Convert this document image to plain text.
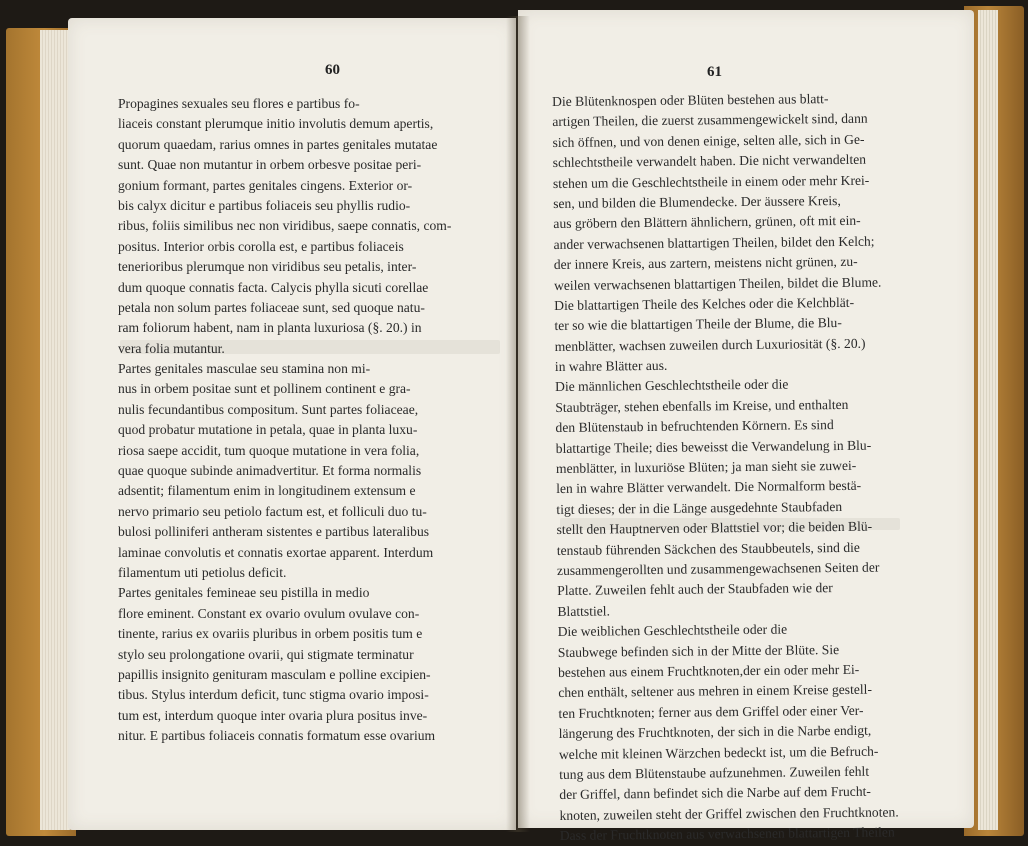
60	61
Propagines sexuales seu flores e partibus fo-
liaceis constant plerumque initio involutis demum apertis,
quorum quaedam, rarius omnes in partes genitales mutatae
sunt. Quae non mutantur in orbem orbesve positae peri-
gonium formant, partes genitales cingens. Exterior or-
bis calyx dicitur e partibus foliaceis seu phyllis rudio-
ribus, foliis similibus nec non viridibus, saepe connatis, com-
positus. Interior orbis corolla est, e partibus foliaceis
tenerioribus plerumque non viridibus seu petalis, inter-
dum quoque connatis facta. Calycis phylla sicuti corellae
petala non solum partes foliaceae sunt, sed quoque natu-
ram foliorum habent, nam in planta luxuriosa (§. 20.) in
vera folia mutantur.
Partes genitales masculae seu stamina non mi-
nus in orbem positae sunt et pollinem continent e gra-
nulis fecundantibus compositum. Sunt partes foliaceae,
quod probatur mutatione in petala, quae in planta luxu-
riosa saepe accidit, tum quoque mutatione in vera folia,
quae quoque subinde animadvertitur. Et forma normalis
adsentit; filamentum enim in longitudinem extensum e
nervo primario seu petiolo factum est, et folliculi duo tu-
bulosi polliniferi antheram sistentes e partibus lateralibus
laminae convolutis et connatis exortae apparent. Interdum
filamentum uti petiolus deficit.
Partes genitales femineae seu pistilla in medio
flore eminent. Constant ex ovario ovulum ovulave con-
tinente, rarius ex ovariis pluribus in orbem positis tum e
stylo seu prolongatione ovarii, qui stigmate terminatur
papillis insignito genituram masculam e polline excipien-
tibus. Stylus interdum deficit, tunc stigma ovario imposi-
tum est, interdum quoque inter ovaria plura positus inve-
nitur. E partibus foliaceis connatis formatum esse ovarium
Die Blütenknospen oder Blüten bestehen aus blatt-
artigen Theilen, die zuerst zusammengewickelt sind, dann
sich öffnen, und von denen einige, selten alle, sich in Ge-
schlechtstheile verwandelt haben. Die nicht verwandelten
stehen um die Geschlechtstheile in einem oder mehr Krei-
sen, und bilden die Blumendecke. Der äussere Kreis,
aus gröbern den Blättern ähnlichern, grünen, oft mit ein-
ander verwachsenen blattartigen Theilen, bildet den Kelch;
der innere Kreis, aus zartern, meistens nicht grünen, zu-
weilen verwachsenen blattartigen Theilen, bildet die Blume.
Die blattartigen Theile des Kelches oder die Kelchblät-
ter so wie die blattartigen Theile der Blume, die Blu-
menblätter, wachsen zuweilen durch Luxuriosität (§. 20.)
in wahre Blätter aus.
Die männlichen Geschlechtstheile oder die
Staubträger, stehen ebenfalls im Kreise, und enthalten
den Blütenstaub in befruchtenden Körnern. Es sind
blattartige Theile; dies beweisst die Verwandelung in Blu-
menblätter, in luxuriöse Blüten; ja man sieht sie zuwei-
len in wahre Blätter verwandelt. Die Normalform bestä-
tigt dieses; der in die Länge ausgedehnte Staubfaden
stellt den Hauptnerven oder Blattstiel vor; die beiden Blü-
tenstaub führenden Säckchen des Staubbeutels, sind die
zusammengerollten und zusammengewachsenen Seiten der
Platte. Zuweilen fehlt auch der Staubfaden wie der
Blattstiel.
Die weiblichen Geschlechtstheile oder die
Staubwege befinden sich in der Mitte der Blüte. Sie
bestehen aus einem Fruchtknoten,der ein oder mehr Ei-
chen enthält, seltener aus mehren in einem Kreise gestell-
ten Fruchtknoten; ferner aus dem Griffel oder einer Ver-
längerung des Fruchtknoten, der sich in die Narbe endigt,
welche mit kleinen Wärzchen bedeckt ist, um die Befruch-
tung aus dem Blütenstaube aufzunehmen. Zuweilen fehlt
der Griffel, dann befindet sich die Narbe auf dem Frucht-
knoten, zuweilen steht der Griffel zwischen den Fruchtknoten.
Dass der Fruchtknoten aus verwachsenen blattartigen Theilen
